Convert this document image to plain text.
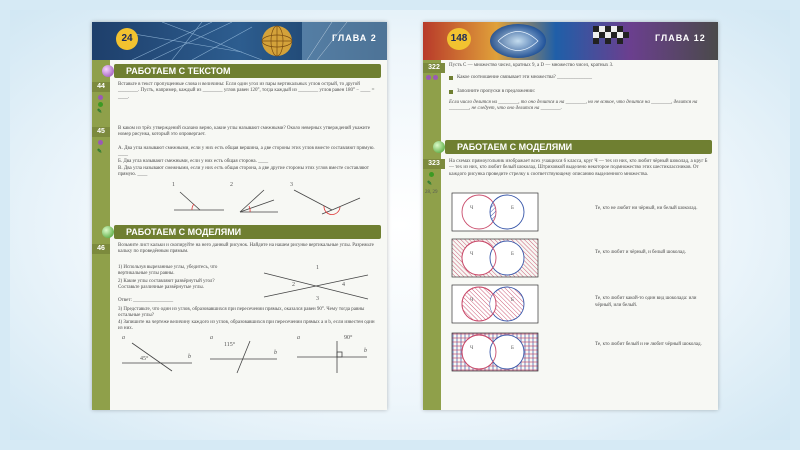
24	ГЛАВА 2
РАБОТАЕМ С ТЕКСТОМ
44
✎
Вставьте в текст пропущенные слова и величины: Если один угол из пары вертикальных углов острый, то другой ________. Пусть, например, каждый из ________ углов равен 120°, тогда каждый из ________ углов равен 180° − ____ = ____.
45
✎
В каком из трёх утверждений сказано верно, какие углы называют смежными? Около неверных утверждений укажите номер рисунка, который это опровергает.
А. Два угла называют смежными, если у них есть общая вершина, а две стороны этих углов вместе составляют прямую. ____
Б. Два угла называют смежными, если у них есть общая сторона. ____
В. Два угла называют смежными, если у них есть общая сторона, а две другие стороны этих углов вместе составляют прямую. ____
1	2	3
РАБОТАЕМ С МОДЕЛЯМИ
46	Возьмите лист кальки и скопируйте на него данный рисунок. Найдите на нашем рисунке вертикальные углы. Разрежьте кальку по проведённым прямым.
1) Используя вырезанные углы, убедитесь, что вертикальные углы равны.
2) Какие углы составляют развёрнутый угол? Составьте различные развёрнутые углы.
Ответ: ________________
3) Представьте, что один из углов, образовавшихся при пересечении прямых, оказался равен 90°. Чему тогда равны остальные углы?
4) Запишите на чертеже величину каждого из углов, образовавшихся при пересечении прямых a и b, если известен один из них.
1
2
3
4
a
b
45°
a
b
115°
a
b
90°
148	ГЛАВА 12
322	Пусть C — множество чисел, кратных 9, а D — множество чисел, кратных 3.
Какое соотношение связывает эти множества? ______________
Заполните пропуски в предложении:
Если число делится на ________, то оно делится и на ________, но не всякое, что делится на ________, делится на ________, не следует, что оно делится на ________.
РАБОТАЕМ С МОДЕЛЯМИ
323
✎
28, 29
На схемах прямоугольник изображает всех учащихся 6 класса, круг Ч — тех из них, кто любит чёрный шоколад, а круг Б — тех из них, кто любит белый шоколад. Штриховкой выделено некоторое подмножество этих шестиклассников. От каждого рисунка проведите стрелку к соответствующему описанию выделенного множества.
Ч	Б
Ч	Б
Ч	Б
Ч	Б
Те, кто не любит ни чёрный, ни белый шоколад.
Те, кто любит и чёрный, и белый шоколад.
Те, кто любит какой-то один вид шоколада: или чёрный, или белый.
Те, кто любит белый и не любит чёрный шоколад.
